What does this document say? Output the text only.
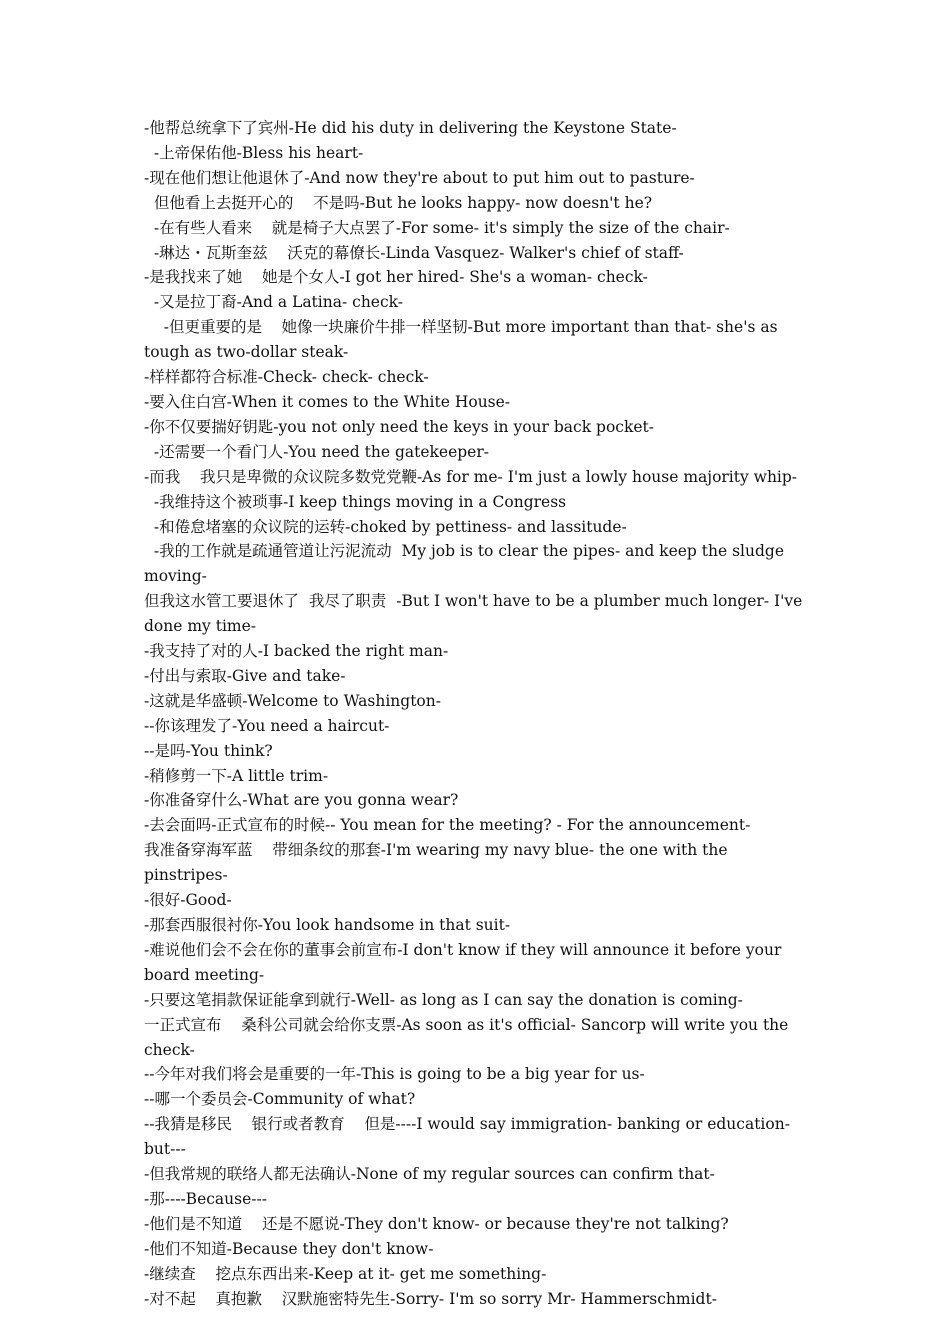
-他帮总统拿下了宾州-He did his duty in delivering the Keystone State-

-上帝保佑他-Bless his heart-

-现在他们想让他退休了-And now they're about to put him out to pasture-

但他看上去挺开心的    不是吗-But he looks happy- now doesn't he?

-在有些人看来    就是椅子大点罢了-For some- it's simply the size of the chair-

-琳达・瓦斯奎兹    沃克的幕僚长-Linda Vasquez- Walker's chief of staff-

-是我找来了她    她是个女人-I got her hired- She's a woman- check-

-又是拉丁裔-And a Latina- check-

-但更重要的是    她像一块廉价牛排一样坚韧-But more important than that- she's as tough as two-dollar steak-

-样样都符合标准-Check- check- check-

-要入住白宫-When it comes to the White House-

-你不仅要揣好钥匙-you not only need the keys in your back pocket-

-还需要一个看门人-You need the gatekeeper-

-而我    我只是卑微的众议院多数党党鞭-As for me- I'm just a lowly house majority whip-

-我维持这个被琐事-I keep things moving in a Congress

-和倦怠堵塞的众议院的运转-choked by pettiness- and lassitude-

-我的工作就是疏通管道让污泥流动  My job is to clear the pipes- and keep the sludge moving-

但我这水管工要退休了  我尽了职责  -But I won't have to be a plumber much longer- I've done my time-

-我支持了对的人-I backed the right man-

-付出与索取-Give and take-

-这就是华盛顿-Welcome to Washington-

--你该理发了-You need a haircut-

--是吗-You think?

-稍修剪一下-A little trim-

-你准备穿什么-What are you gonna wear?

-去会面吗-正式宣布的时候-- You mean for the meeting? - For the announcement-

我准备穿海军蓝    带细条纹的那套-I'm wearing my navy blue- the one with the pinstripes-

-很好-Good-

-那套西服很衬你-You look handsome in that suit-

-难说他们会不会在你的董事会前宣布-I don't know if they will announce it before your board meeting-

-只要这笔捐款保证能拿到就行-Well- as long as I can say the donation is coming-

一正式宣布    桑科公司就会给你支票-As soon as it's official- Sancorp will write you the check-

--今年对我们将会是重要的一年-This is going to be a big year for us-

--哪一个委员会-Community of what?

--我猜是移民    银行或者教育    但是----I would say immigration- banking or education- but---

-但我常规的联络人都无法确认-None of my regular sources can confirm that-

-那----Because---

-他们是不知道    还是不愿说-They don't know- or because they're not talking?

-他们不知道-Because they don't know-

-继续查    挖点东西出来-Keep at it- get me something-

-对不起    真抱歉    汉默施密特先生-Sorry- I'm so sorry Mr- Hammerschmidt-
